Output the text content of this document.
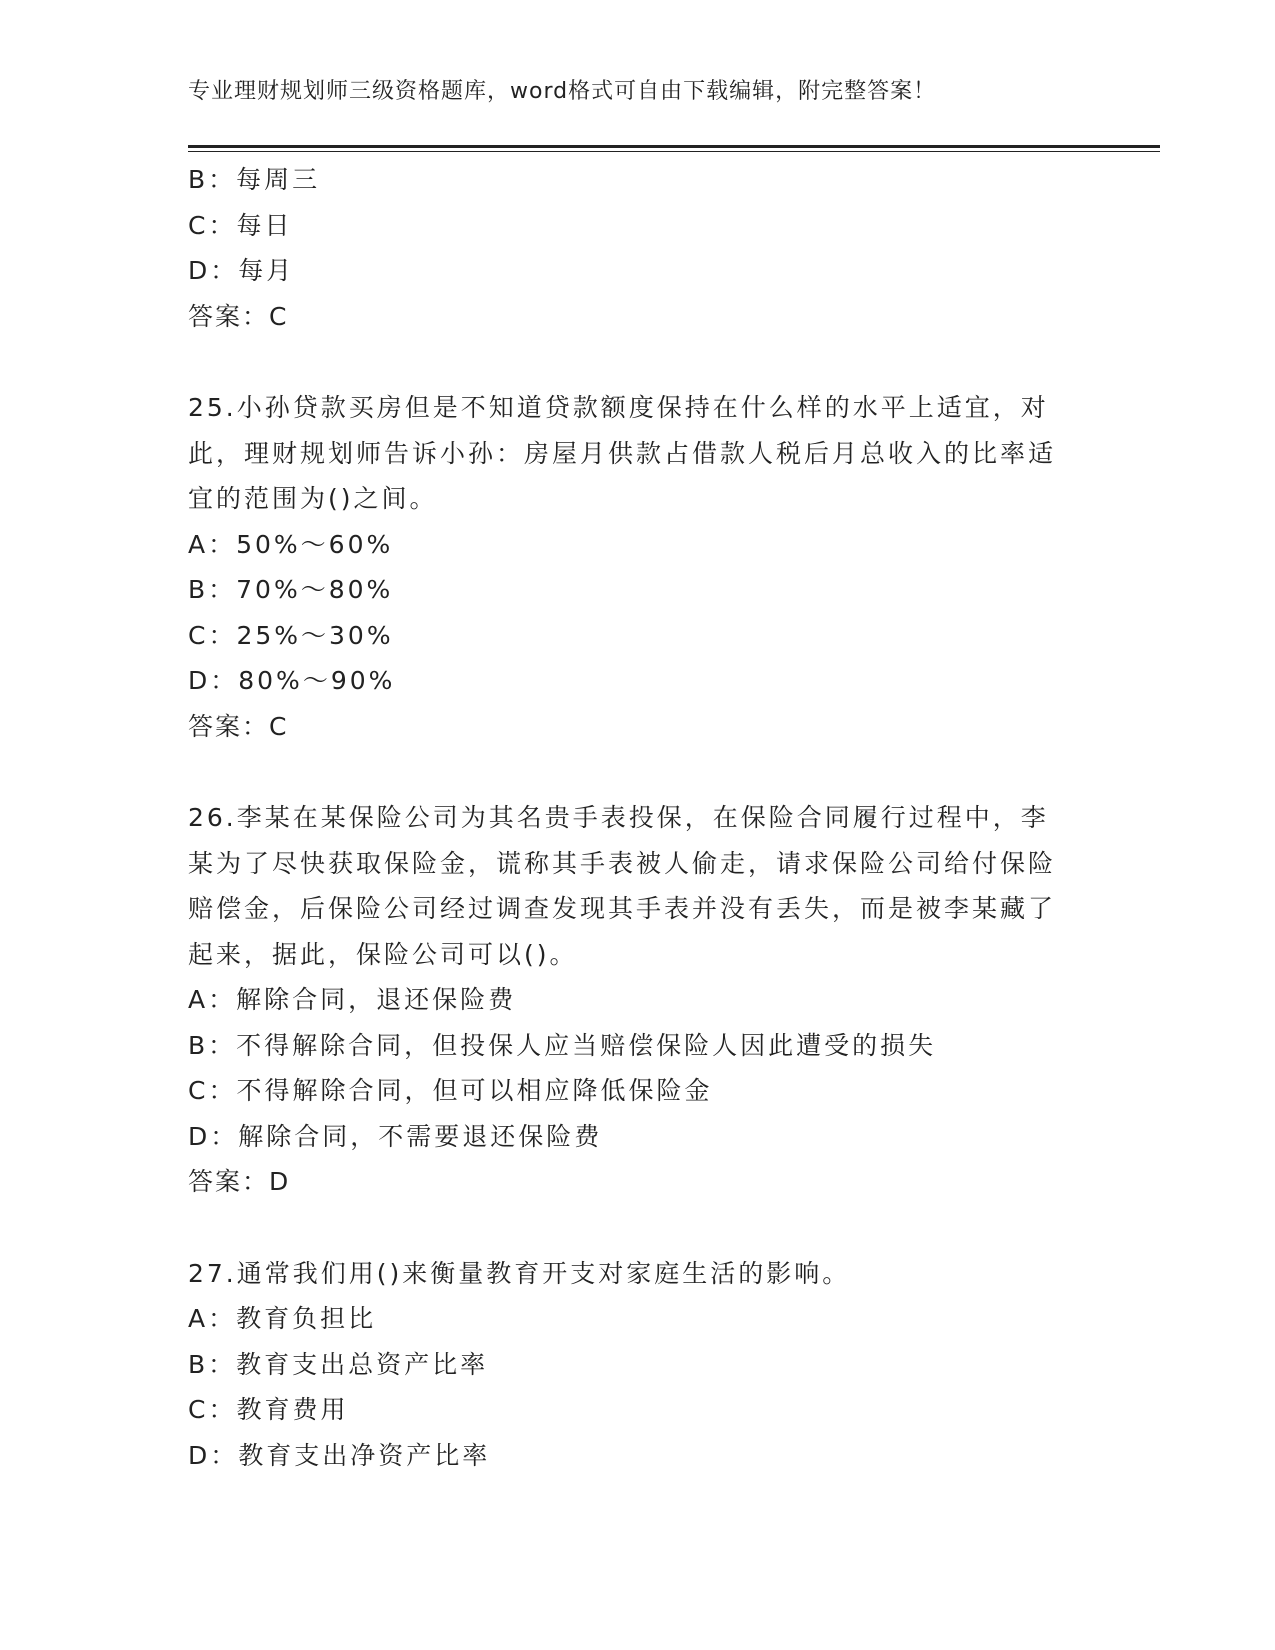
专业理财规划师三级资格题库，word格式可自由下载编辑，附完整答案！
B：每周三
C：每日
D：每月
答案：C
25.小孙贷款买房但是不知道贷款额度保持在什么样的水平上适宜，对此，理财规划师告诉小孙：房屋月供款占借款人税后月总收入的比率适宜的范围为()之间。
A：50%～60%
B：70%～80%
C：25%～30%
D：80%～90%
答案：C
26.李某在某保险公司为其名贵手表投保，在保险合同履行过程中，李某为了尽快获取保险金，谎称其手表被人偷走，请求保险公司给付保险赔偿金，后保险公司经过调查发现其手表并没有丢失，而是被李某藏了起来，据此，保险公司可以()。
A：解除合同，退还保险费
B：不得解除合同，但投保人应当赔偿保险人因此遭受的损失
C：不得解除合同，但可以相应降低保险金
D：解除合同，不需要退还保险费
答案：D
27.通常我们用()来衡量教育开支对家庭生活的影响。
A：教育负担比
B：教育支出总资产比率
C：教育费用
D：教育支出净资产比率
